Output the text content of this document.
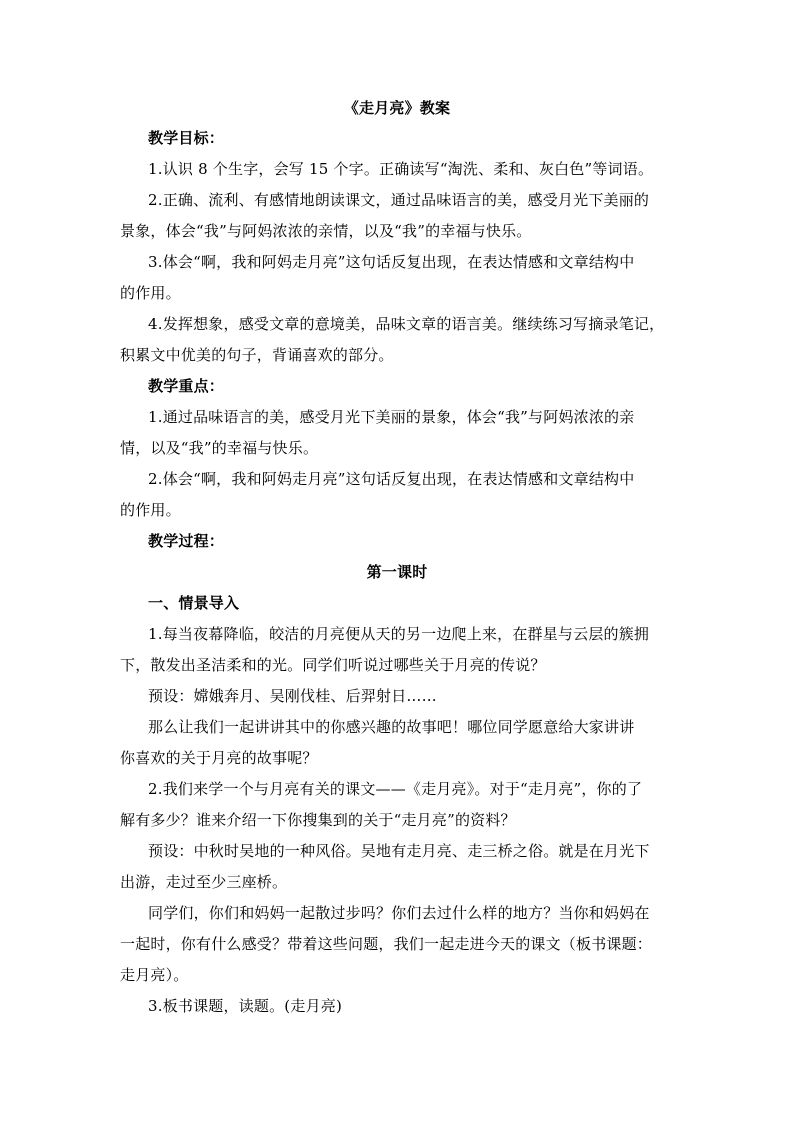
《走月亮》教案
教学目标：
1.认识 8 个生字，会写 15 个字。正确读写“淘洗、柔和、灰白色”等词语。
2.正确、流利、有感情地朗读课文，通过品味语言的美，感受月光下美丽的
景象，体会“我”与阿妈浓浓的亲情，以及“我”的幸福与快乐。
3.体会“啊，我和阿妈走月亮”这句话反复出现，在表达情感和文章结构中
的作用。
4.发挥想象，感受文章的意境美，品味文章的语言美。继续练习写摘录笔记，
积累文中优美的句子，背诵喜欢的部分。
教学重点：
1.通过品味语言的美，感受月光下美丽的景象，体会“我”与阿妈浓浓的亲
情，以及“我”的幸福与快乐。
2.体会“啊，我和阿妈走月亮”这句话反复出现，在表达情感和文章结构中
的作用。
教学过程：
第一课时
一、情景导入
1.每当夜幕降临，皎洁的月亮便从天的另一边爬上来，在群星与云层的簇拥
下，散发出圣洁柔和的光。同学们听说过哪些关于月亮的传说？
预设：嫦娥奔月、吴刚伐桂、后羿射日……
那么让我们一起讲讲其中的你感兴趣的故事吧！哪位同学愿意给大家讲讲
你喜欢的关于月亮的故事呢？
2.我们来学一个与月亮有关的课文——《走月亮》。对于“走月亮”，你的了
解有多少？谁来介绍一下你搜集到的关于“走月亮”的资料？
预设：中秋时吴地的一种风俗。吴地有走月亮、走三桥之俗。就是在月光下
出游，走过至少三座桥。
同学们，你们和妈妈一起散过步吗？你们去过什么样的地方？当你和妈妈在
一起时，你有什么感受？带着这些问题，我们一起走进今天的课文（板书课题：
走月亮）。
3.板书课题，读题。(走月亮)
